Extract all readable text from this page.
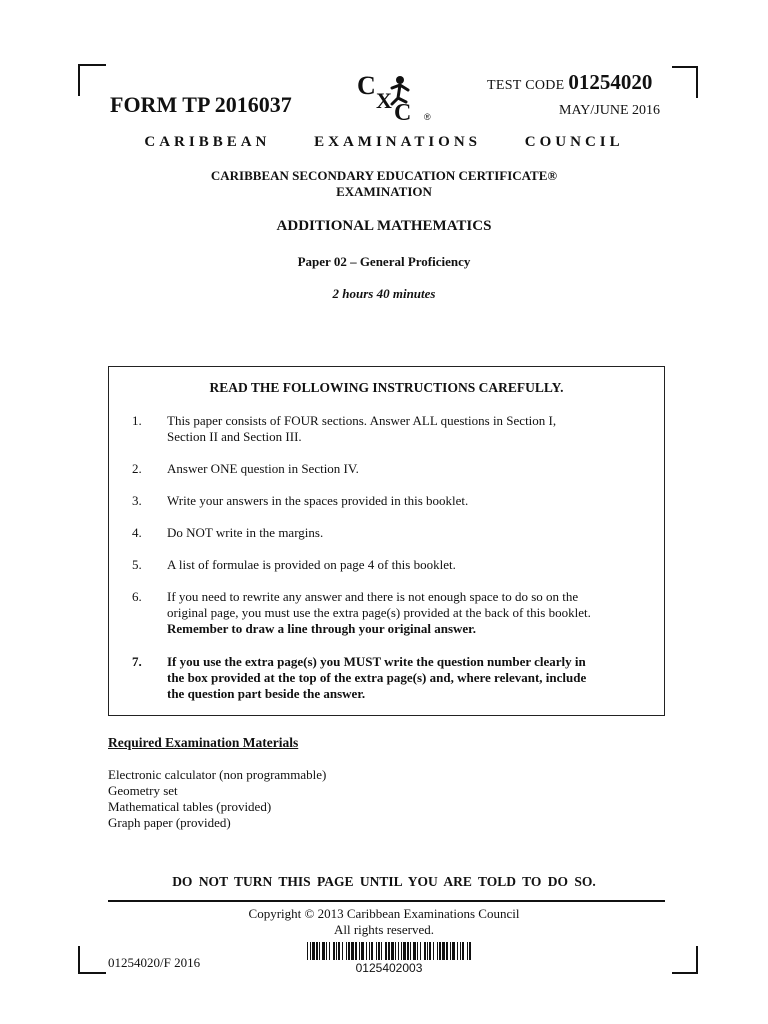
FORM TP 2016037
C
X C ®
TEST CODE 01254020
MAY/JUNE 2016
CARIBBEAN	EXAMINATIONS	COUNCIL
CARIBBEAN SECONDARY EDUCATION CERTIFICATE®
EXAMINATION
ADDITIONAL MATHEMATICS
Paper 02 – General Proficiency
2 hours 40 minutes
READ THE FOLLOWING INSTRUCTIONS CAREFULLY.
1. This paper consists of FOUR sections. Answer ALL questions in Section I,
Section II and Section III.
2. Answer ONE question in Section IV.
3. Write your answers in the spaces provided in this booklet.
4. Do NOT write in the margins.
5. A list of formulae is provided on page 4 of this booklet.
6. If you need to rewrite any answer and there is not enough space to do so on the
original page, you must use the extra page(s) provided at the back of this booklet.
Remember to draw a line through your original answer.
7. If you use the extra page(s) you MUST write the question number clearly in
the box provided at the top of the extra page(s) and, where relevant, include
the question part beside the answer.
Required Examination Materials
Electronic calculator (non programmable)
Geometry set
Mathematical tables (provided)
Graph paper (provided)
DO NOT TURN THIS PAGE UNTIL YOU ARE TOLD TO DO SO.
Copyright © 2013 Caribbean Examinations Council
All rights reserved.
01254020/F 2016	0125402003
